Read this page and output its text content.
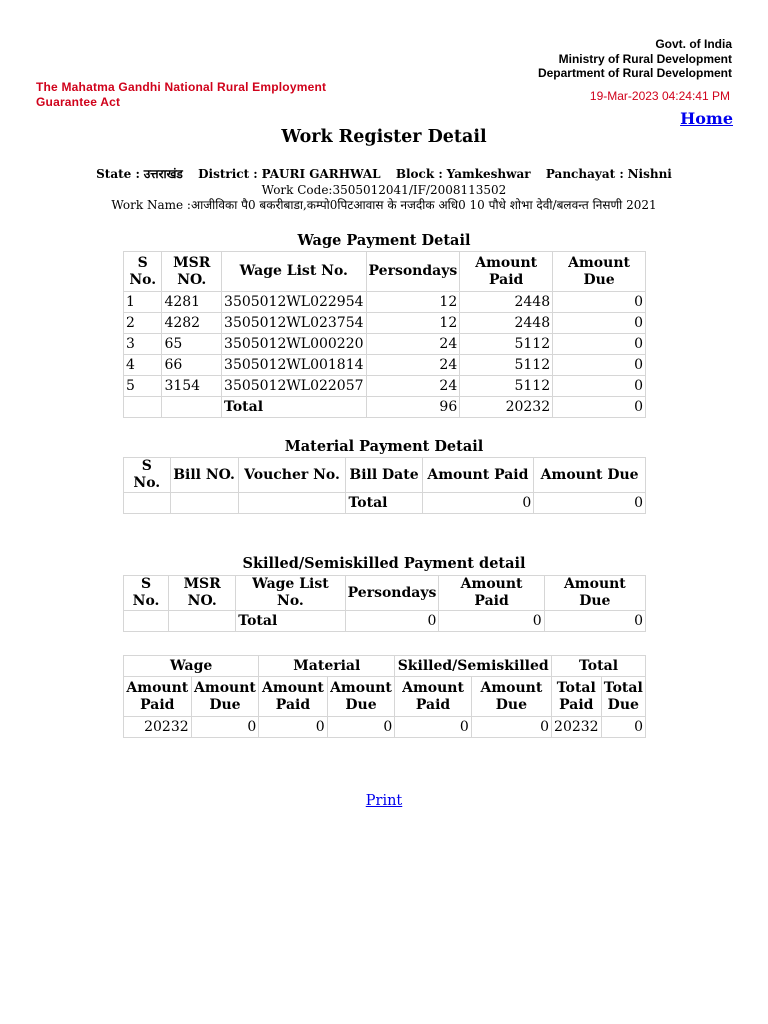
The Mahatma Gandhi National Rural Employment Guarantee Act
Govt. of India
Ministry of Rural Development
Department of Rural Development
19-Mar-2023 04:24:41 PM
Home
Work Register Detail
State : उत्तराखंड District : PAURI GARHWAL Block : Yamkeshwar Panchayat : Nishni
Work Code:3505012041/IF/2008113502
Work Name :आजीविका पै0 बकरीबाडा,कम्पो0पिटआवास के नजदीक अधि0 10 पौधे शोभा देवी/बलवन्त निसणी 2021
Wage Payment Detail
S No.	MSR NO.	Wage List No.	Persondays	Amount Paid	Amount Due
1	4281	3505012WL022954	12	2448	0
2	4282	3505012WL023754	12	2448	0
3	65	3505012WL000220	24	5112	0
4	66	3505012WL001814	24	5112	0
5	3154	3505012WL022057	24	5112	0
		Total	96	20232	0
Material Payment Detail
S No.	Bill NO.	Voucher No.	Bill Date	Amount Paid	Amount Due
			Total	0	0
Skilled/Semiskilled Payment detail
S No.	MSR NO.	Wage List No.	Persondays	Amount Paid	Amount Due
		Total	0	0	0
Wage		Material		Skilled/Semiskilled		Total	
Amount Paid	Amount Due	Amount Paid	Amount Due	Amount Paid	Amount Due	Total Paid	Total Due
20232	0	0	0	0	0	20232	0
Print
